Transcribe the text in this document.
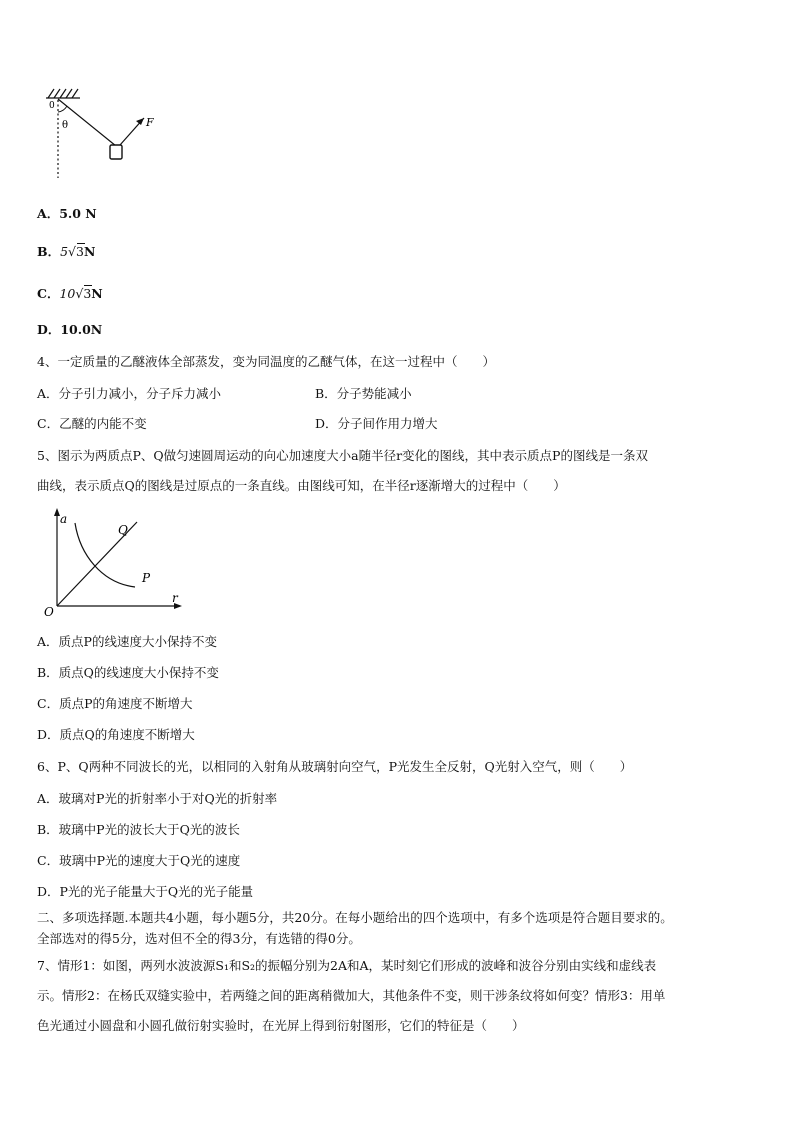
0
θ	F
A．5.0 N
B．5
√3N
C．10
√3N
D．10.0N
4、一定质量的乙醚液体全部蒸发，变为同温度的乙醚气体，在这一过程中（　　）
A．分子引力减小，分子斥力减小	B．分子势能减小
C．乙醚的内能不变	D．分子间作用力增大
5、图示为两质点P、Q做匀速圆周运动的向心加速度大小a随半径r变化的图线，其中表示质点P的图线是一条双
曲线，表示质点Q的图线是过原点的一条直线。由图线可知，在半径r逐渐增大的过程中（　　）
a
r
O
Q
P
A．质点P的线速度大小保持不变
B．质点Q的线速度大小保持不变
C．质点P的角速度不断增大
D．质点Q的角速度不断增大
6、P、Q两种不同波长的光，以相同的入射角从玻璃射向空气，P光发生全反射，Q光射入空气，则（　　）
A．玻璃对P光的折射率小于对Q光的折射率
B．玻璃中P光的波长大于Q光的波长
C．玻璃中P光的速度大于Q光的速度
D．P光的光子能量大于Q光的光子能量
二、多项选择题.本题共4小题，每小题5分，共20分。在每小题给出的四个选项中，有多个选项是符合题目要求的。
全部选对的得5分，选对但不全的得3分，有选错的得0分。
7、情形1：如图，两列水波波源S₁和S₂的振幅分别为2A和A，某时刻它们形成的波峰和波谷分别由实线和虚线表
示。情形2：在杨氏双缝实验中，若两缝之间的距离稍微加大，其他条件不变，则干涉条纹将如何变？情形3：用单
色光通过小圆盘和小圆孔做衍射实验时，在光屏上得到衍射图形，它们的特征是（　　）
